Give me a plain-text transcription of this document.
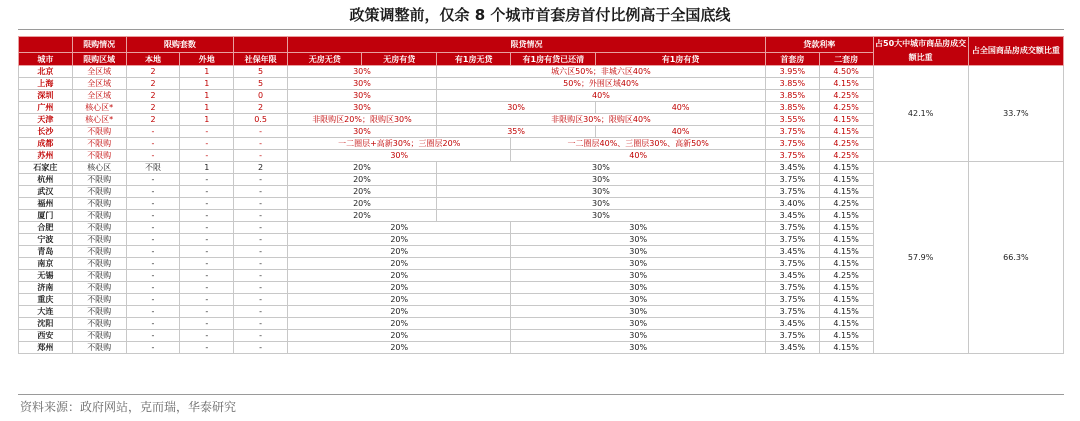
政策调整前，仅余 8 个城市首套房首付比例高于全国底线
	限购情况	限购套数			限贷情况					贷款利率		占50大中城市商品房成交额比重	占全国商品房成交额比重
城市	限购区域	本地	外地	社保年限	无房无贷	无房有贷	有1房无贷	有1房有贷已还清	有1房有贷	首套房	二套房		
北京	全区域	2	1	5	30%		城六区50%；非城六区40%			3.95%	4.50%	42.1%	33.7%
上海	全区域	2	1	5	30%		50%；外围区域40%			3.85%	4.15%		
深圳	全区域	2	1	0	30%		40%			3.85%	4.25%		
广州	核心区*	2	1	2	30%		30%		40%	3.85%	4.25%		
天津	核心区*	2	1	0.5	非限购区20%；限购区30%		非限购区30%；限购区40%			3.55%	4.15%		
长沙	不限购	-	-	-	30%		35%		40%	3.75%	4.15%		
成都	不限购	-	-	-	一二圈层+高新30%；三圈层20%			一二圈层40%、三圈层30%、高新50%		3.75%	4.25%		
苏州	不限购	-	-	-	30%			40%		3.75%	4.25%		
石家庄	核心区	不限	1	2	20%		30%			3.45%	4.15%	57.9%	66.3%
杭州	不限购	-	-	-	20%		30%			3.75%	4.15%		
武汉	不限购	-	-	-	20%		30%			3.75%	4.15%		
福州	不限购	-	-	-	20%		30%			3.40%	4.25%		
厦门	不限购	-	-	-	20%		30%			3.45%	4.15%		
合肥	不限购	-	-	-	20%			30%		3.75%	4.15%		
宁波	不限购	-	-	-	20%			30%		3.75%	4.15%		
青岛	不限购	-	-	-	20%			30%		3.45%	4.15%		
南京	不限购	-	-	-	20%			30%		3.75%	4.15%		
无锡	不限购	-	-	-	20%			30%		3.45%	4.25%		
济南	不限购	-	-	-	20%			30%		3.75%	4.15%		
重庆	不限购	-	-	-	20%			30%		3.75%	4.15%		
大连	不限购	-	-	-	20%			30%		3.75%	4.15%		
沈阳	不限购	-	-	-	20%			30%		3.45%	4.15%		
西安	不限购	-	-	-	20%			30%		3.75%	4.15%		
郑州	不限购	-	-	-	20%			30%		3.45%	4.15%		
资料来源：政府网站，克而瑞，华泰研究
